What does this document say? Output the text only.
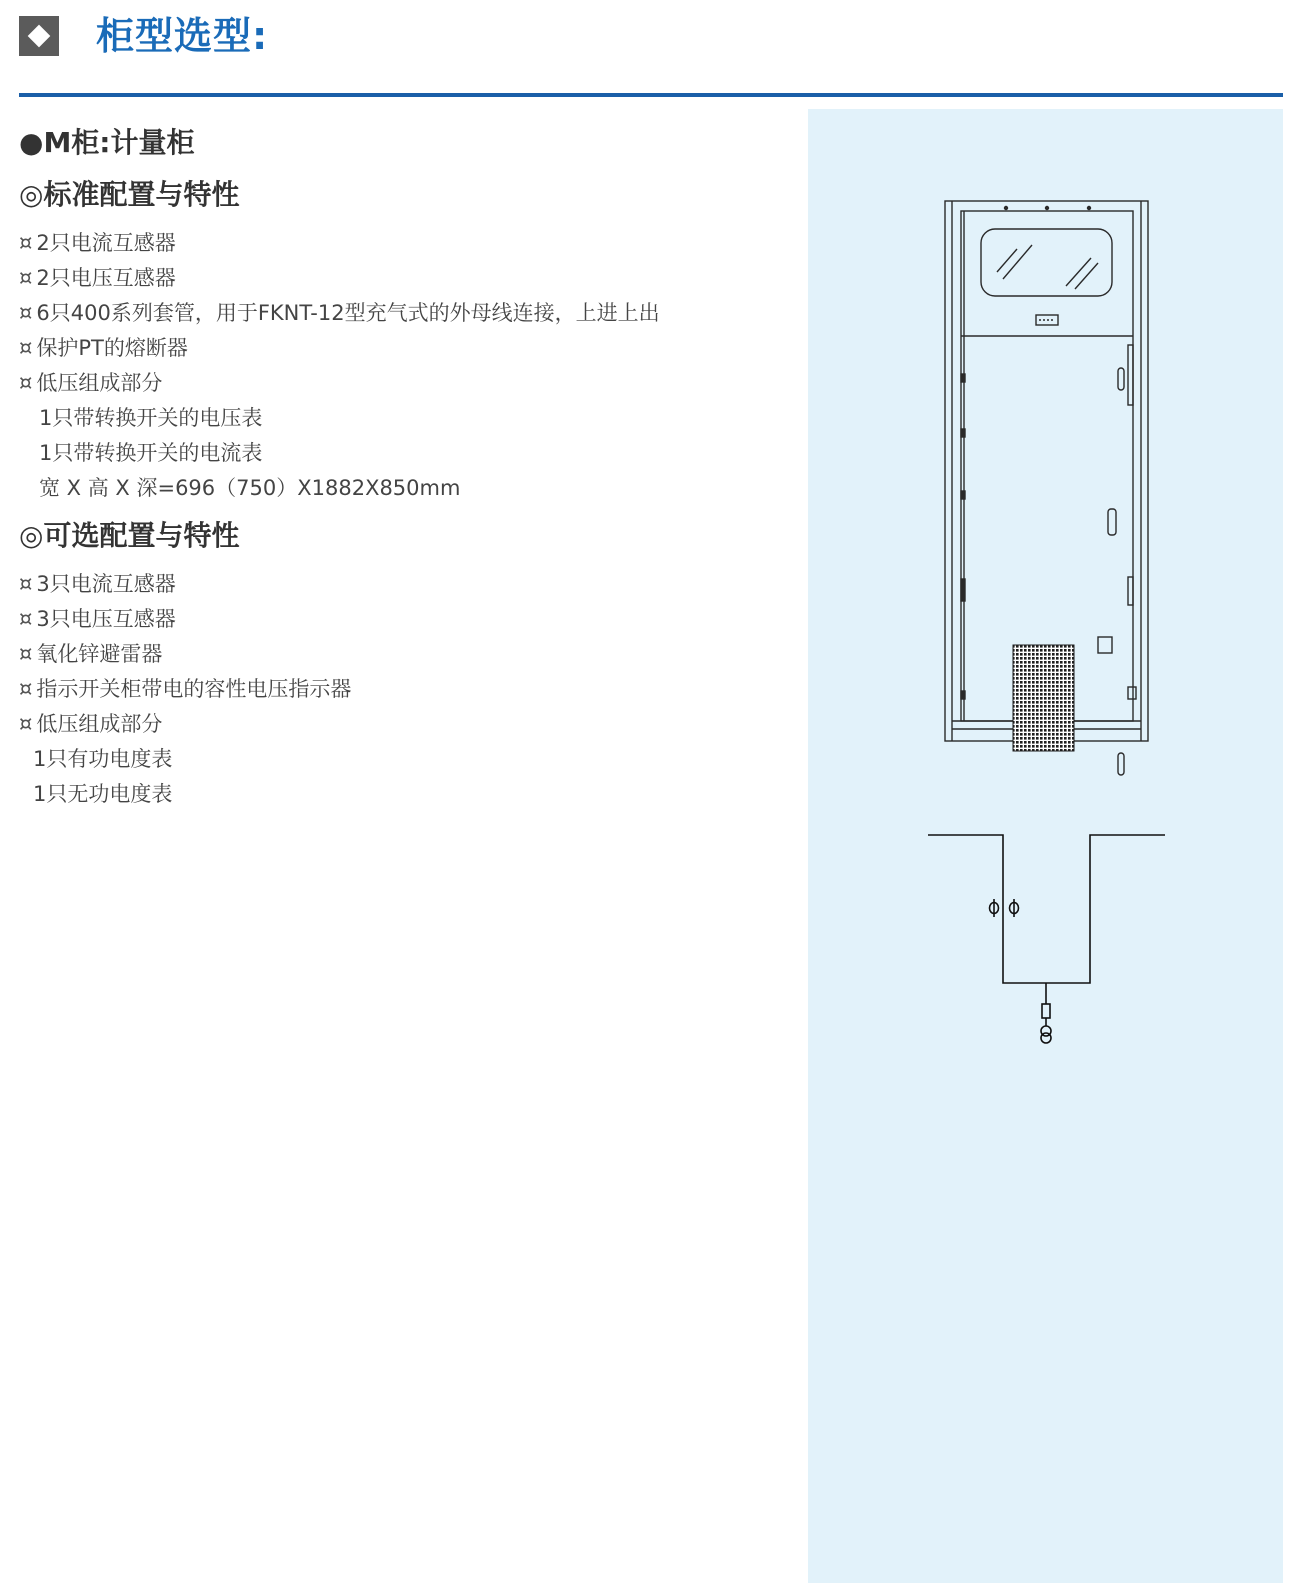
柜型选型:
●M柜:计量柜
◎标准配置与特性
¤ 2只电流互感器
¤ 2只电压互感器
¤ 6只400系列套管，用于FKNT-12型充气式的外母线连接，上进上出
¤ 保护PT的熔断器
¤ 低压组成部分
1只带转换开关的电压表
1只带转换开关的电流表
宽 X 高 X 深=696（750）X1882X850mm
◎可选配置与特性
¤ 3只电流互感器
¤ 3只电压互感器
¤ 氧化锌避雷器
¤ 指示开关柜带电的容性电压指示器
¤ 低压组成部分
1只有功电度表
1只无功电度表
